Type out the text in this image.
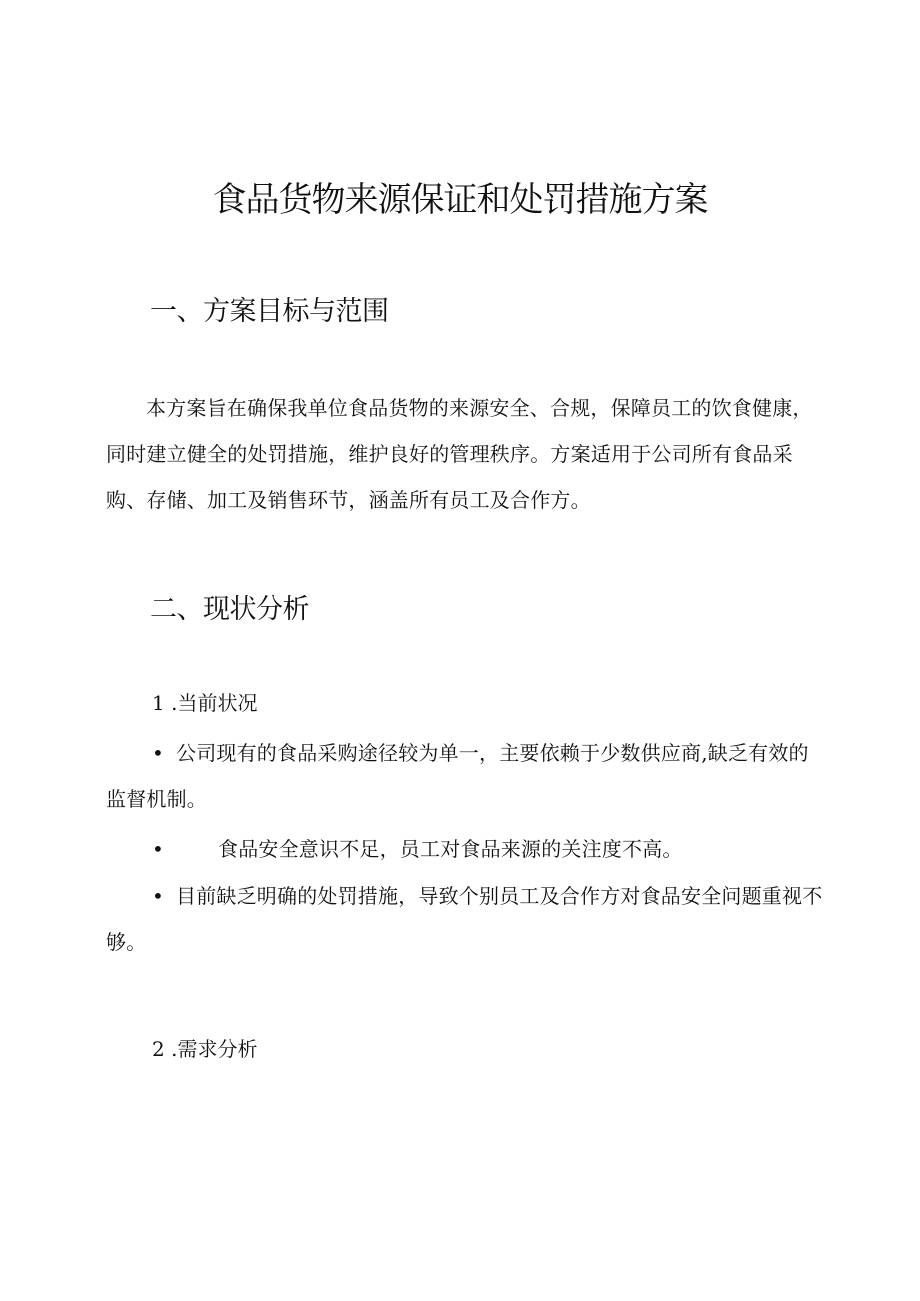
食品货物来源保证和处罚措施方案
一、方案目标与范围

本方案旨在确保我单位食品货物的来源安全、合规，保障员工的饮食健康，同时建立健全的处罚措施，维护良好的管理秩序。方案适用于公司所有食品采购、存储、加工及销售环节，涵盖所有员工及合作方。

二、现状分析

1 .当前状况

• 公司现有的食品采购途径较为单一，主要依赖于少数供应商,缺乏有效的监督机制。

•	食品安全意识不足，员工对食品来源的关注度不高。

• 目前缺乏明确的处罚措施，导致个别员工及合作方对食品安全问题重视不够。

2 .需求分析
